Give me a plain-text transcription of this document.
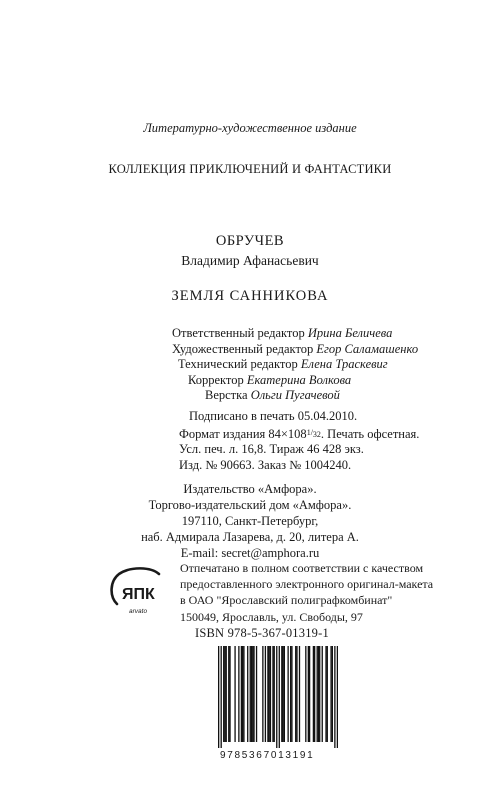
Литературно-художественное издание
КОЛЛЕКЦИЯ ПРИКЛЮЧЕНИЙ И ФАНТАСТИКИ
ОБРУЧЕВ
Владимир Афанасьевич
ЗЕМЛЯ САННИКОВА
Ответственный редактор Ирина Беличева
Художественный редактор Егор Саламашенко
Технический редактор Елена Траскевиг
Корректор Екатерина Волкова
Верстка Ольги Пугачевой
Подписано в печать 05.04.2010.
Формат издания 84×1081/32. Печать офсетная.
Усл. печ. л. 16,8. Тираж 46 428 экз.
Изд. № 90663. Заказ № 1004240.
Издательство «Амфора».
Торгово-издательский дом «Амфора».
197110, Санкт-Петербург,
наб. Адмирала Лазарева, д. 20, литера А.
E-mail: secret@amphora.ru
ЯПК
arvato
Отпечатано в полном соответствии с качеством
предоставленного электронного оригинал-макета
в ОАО "Ярославский полиграфкомбинат"
150049, Ярославль, ул. Свободы, 97
ISBN 978-5-367-01319-1
9785367013191
